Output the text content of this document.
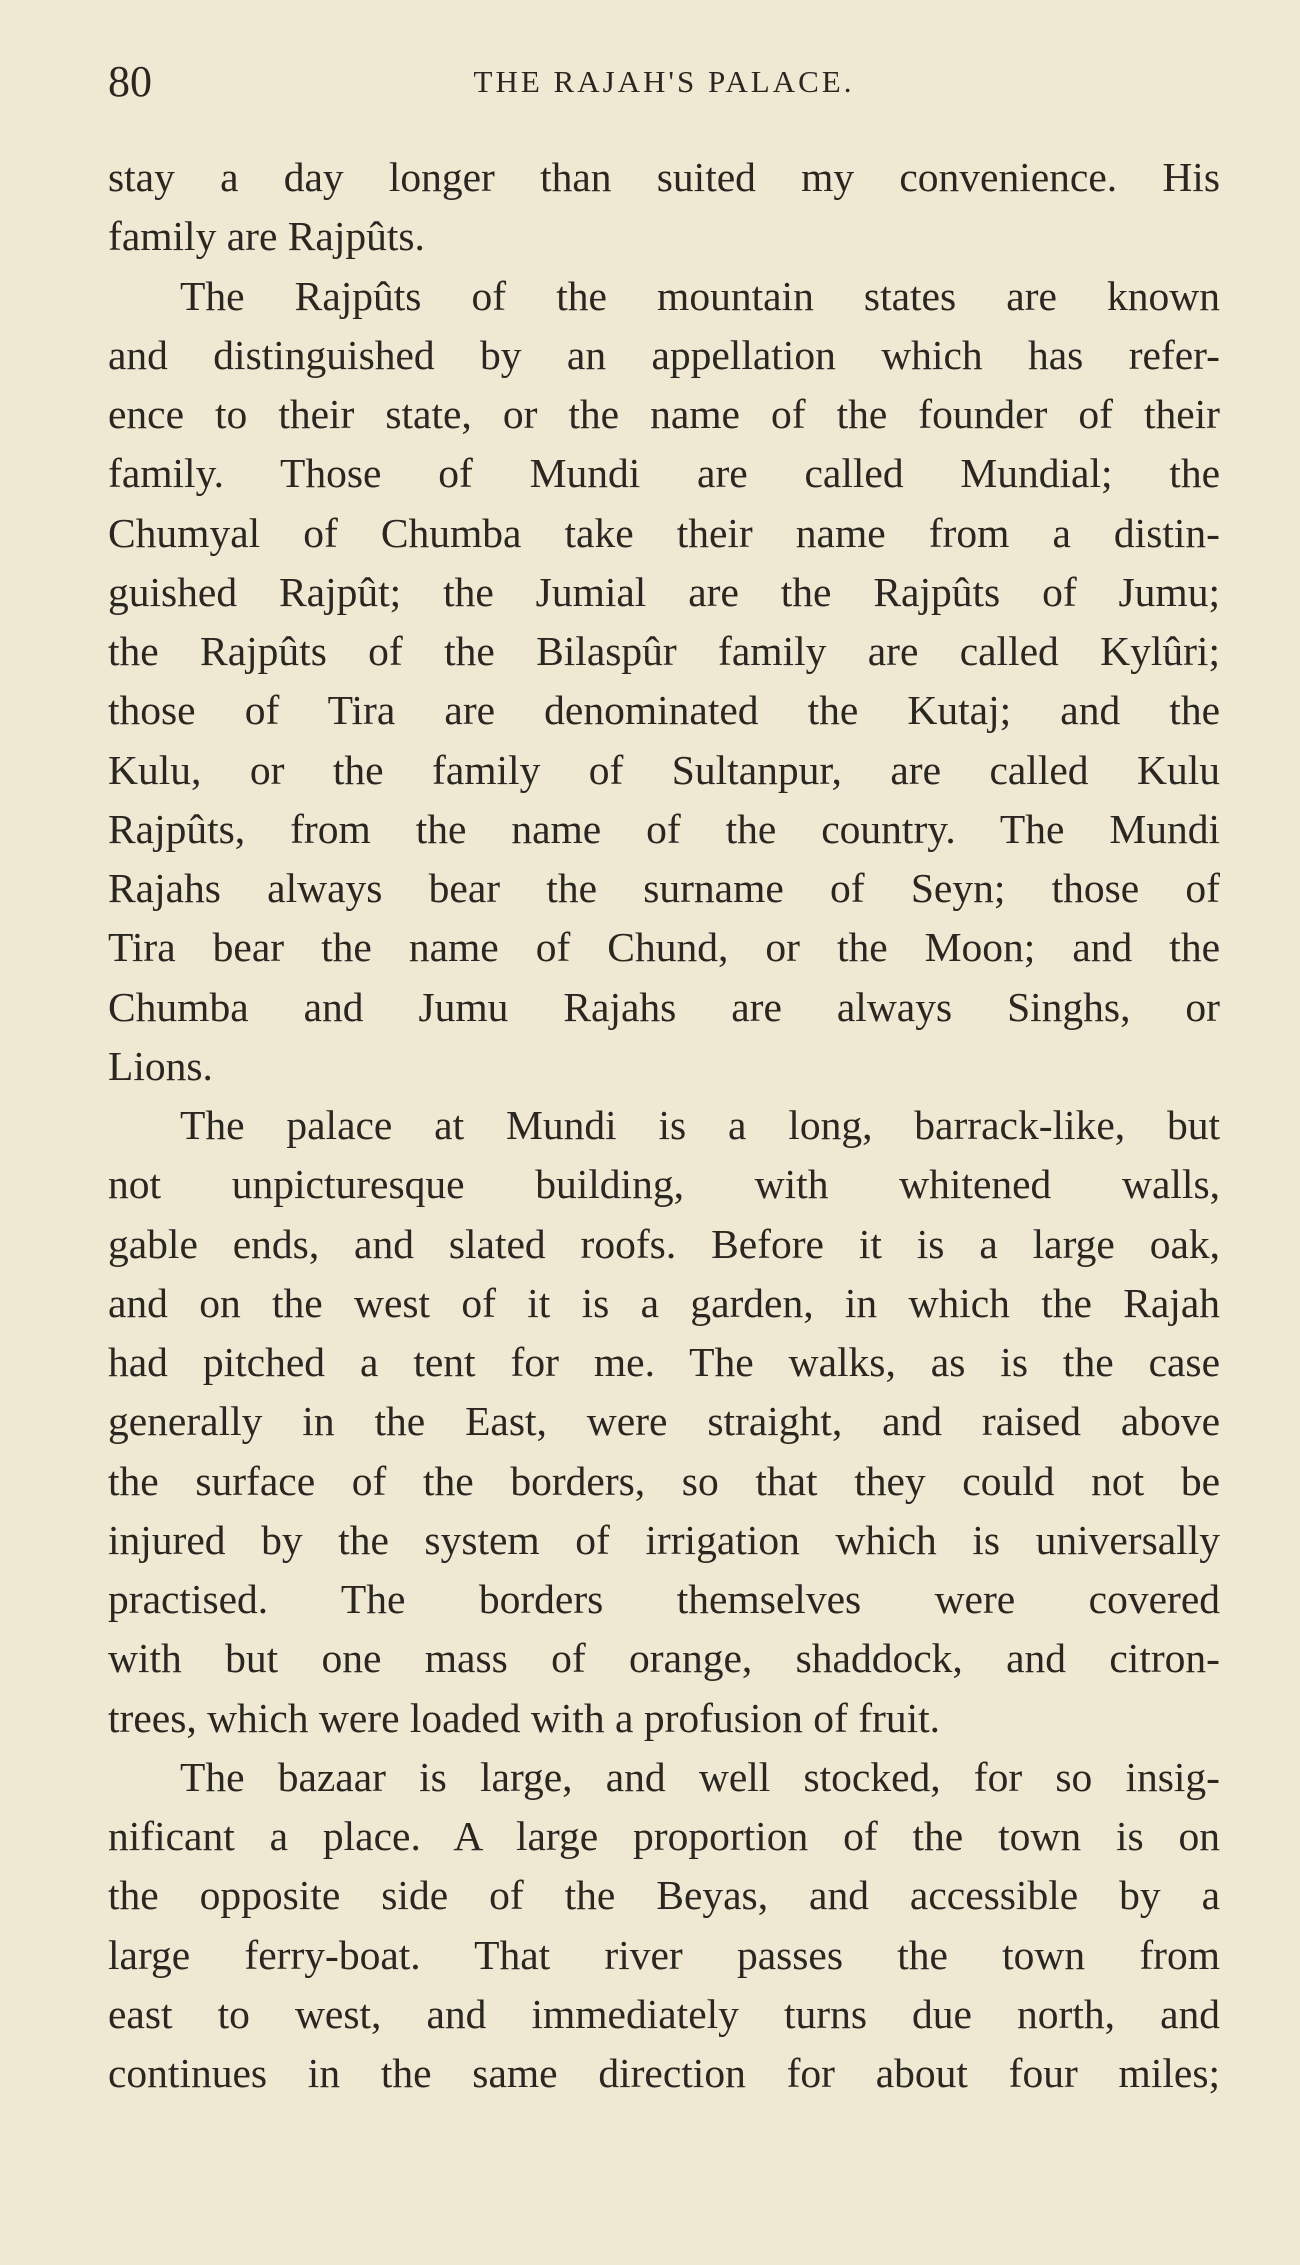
80	THE RAJAH'S PALACE.
stay a day longer than suited my convenience. His
family are Rajpûts.
The Rajpûts of the mountain states are known
and distinguished by an appellation which has refer-
ence to their state, or the name of the founder of their
family. Those of Mundi are called Mundial; the
Chumyal of Chumba take their name from a distin-
guished Rajpût; the Jumial are the Rajpûts of Jumu;
the Rajpûts of the Bilaspûr family are called Kylûri;
those of Tira are denominated the Kutaj; and the
Kulu, or the family of Sultanpur, are called Kulu
Rajpûts, from the name of the country. The Mundi
Rajahs always bear the surname of Seyn; those of
Tira bear the name of Chund, or the Moon; and the
Chumba and Jumu Rajahs are always Singhs, or
Lions.
The palace at Mundi is a long, barrack-like, but
not unpicturesque building, with whitened walls,
gable ends, and slated roofs. Before it is a large oak,
and on the west of it is a garden, in which the Rajah
had pitched a tent for me. The walks, as is the case
generally in the East, were straight, and raised above
the surface of the borders, so that they could not be
injured by the system of irrigation which is universally
practised. The borders themselves were covered
with but one mass of orange, shaddock, and citron-
trees, which were loaded with a profusion of fruit.
The bazaar is large, and well stocked, for so insig-
nificant a place. A large proportion of the town is on
the opposite side of the Beyas, and accessible by a
large ferry-boat. That river passes the town from
east to west, and immediately turns due north, and
continues in the same direction for about four miles;
